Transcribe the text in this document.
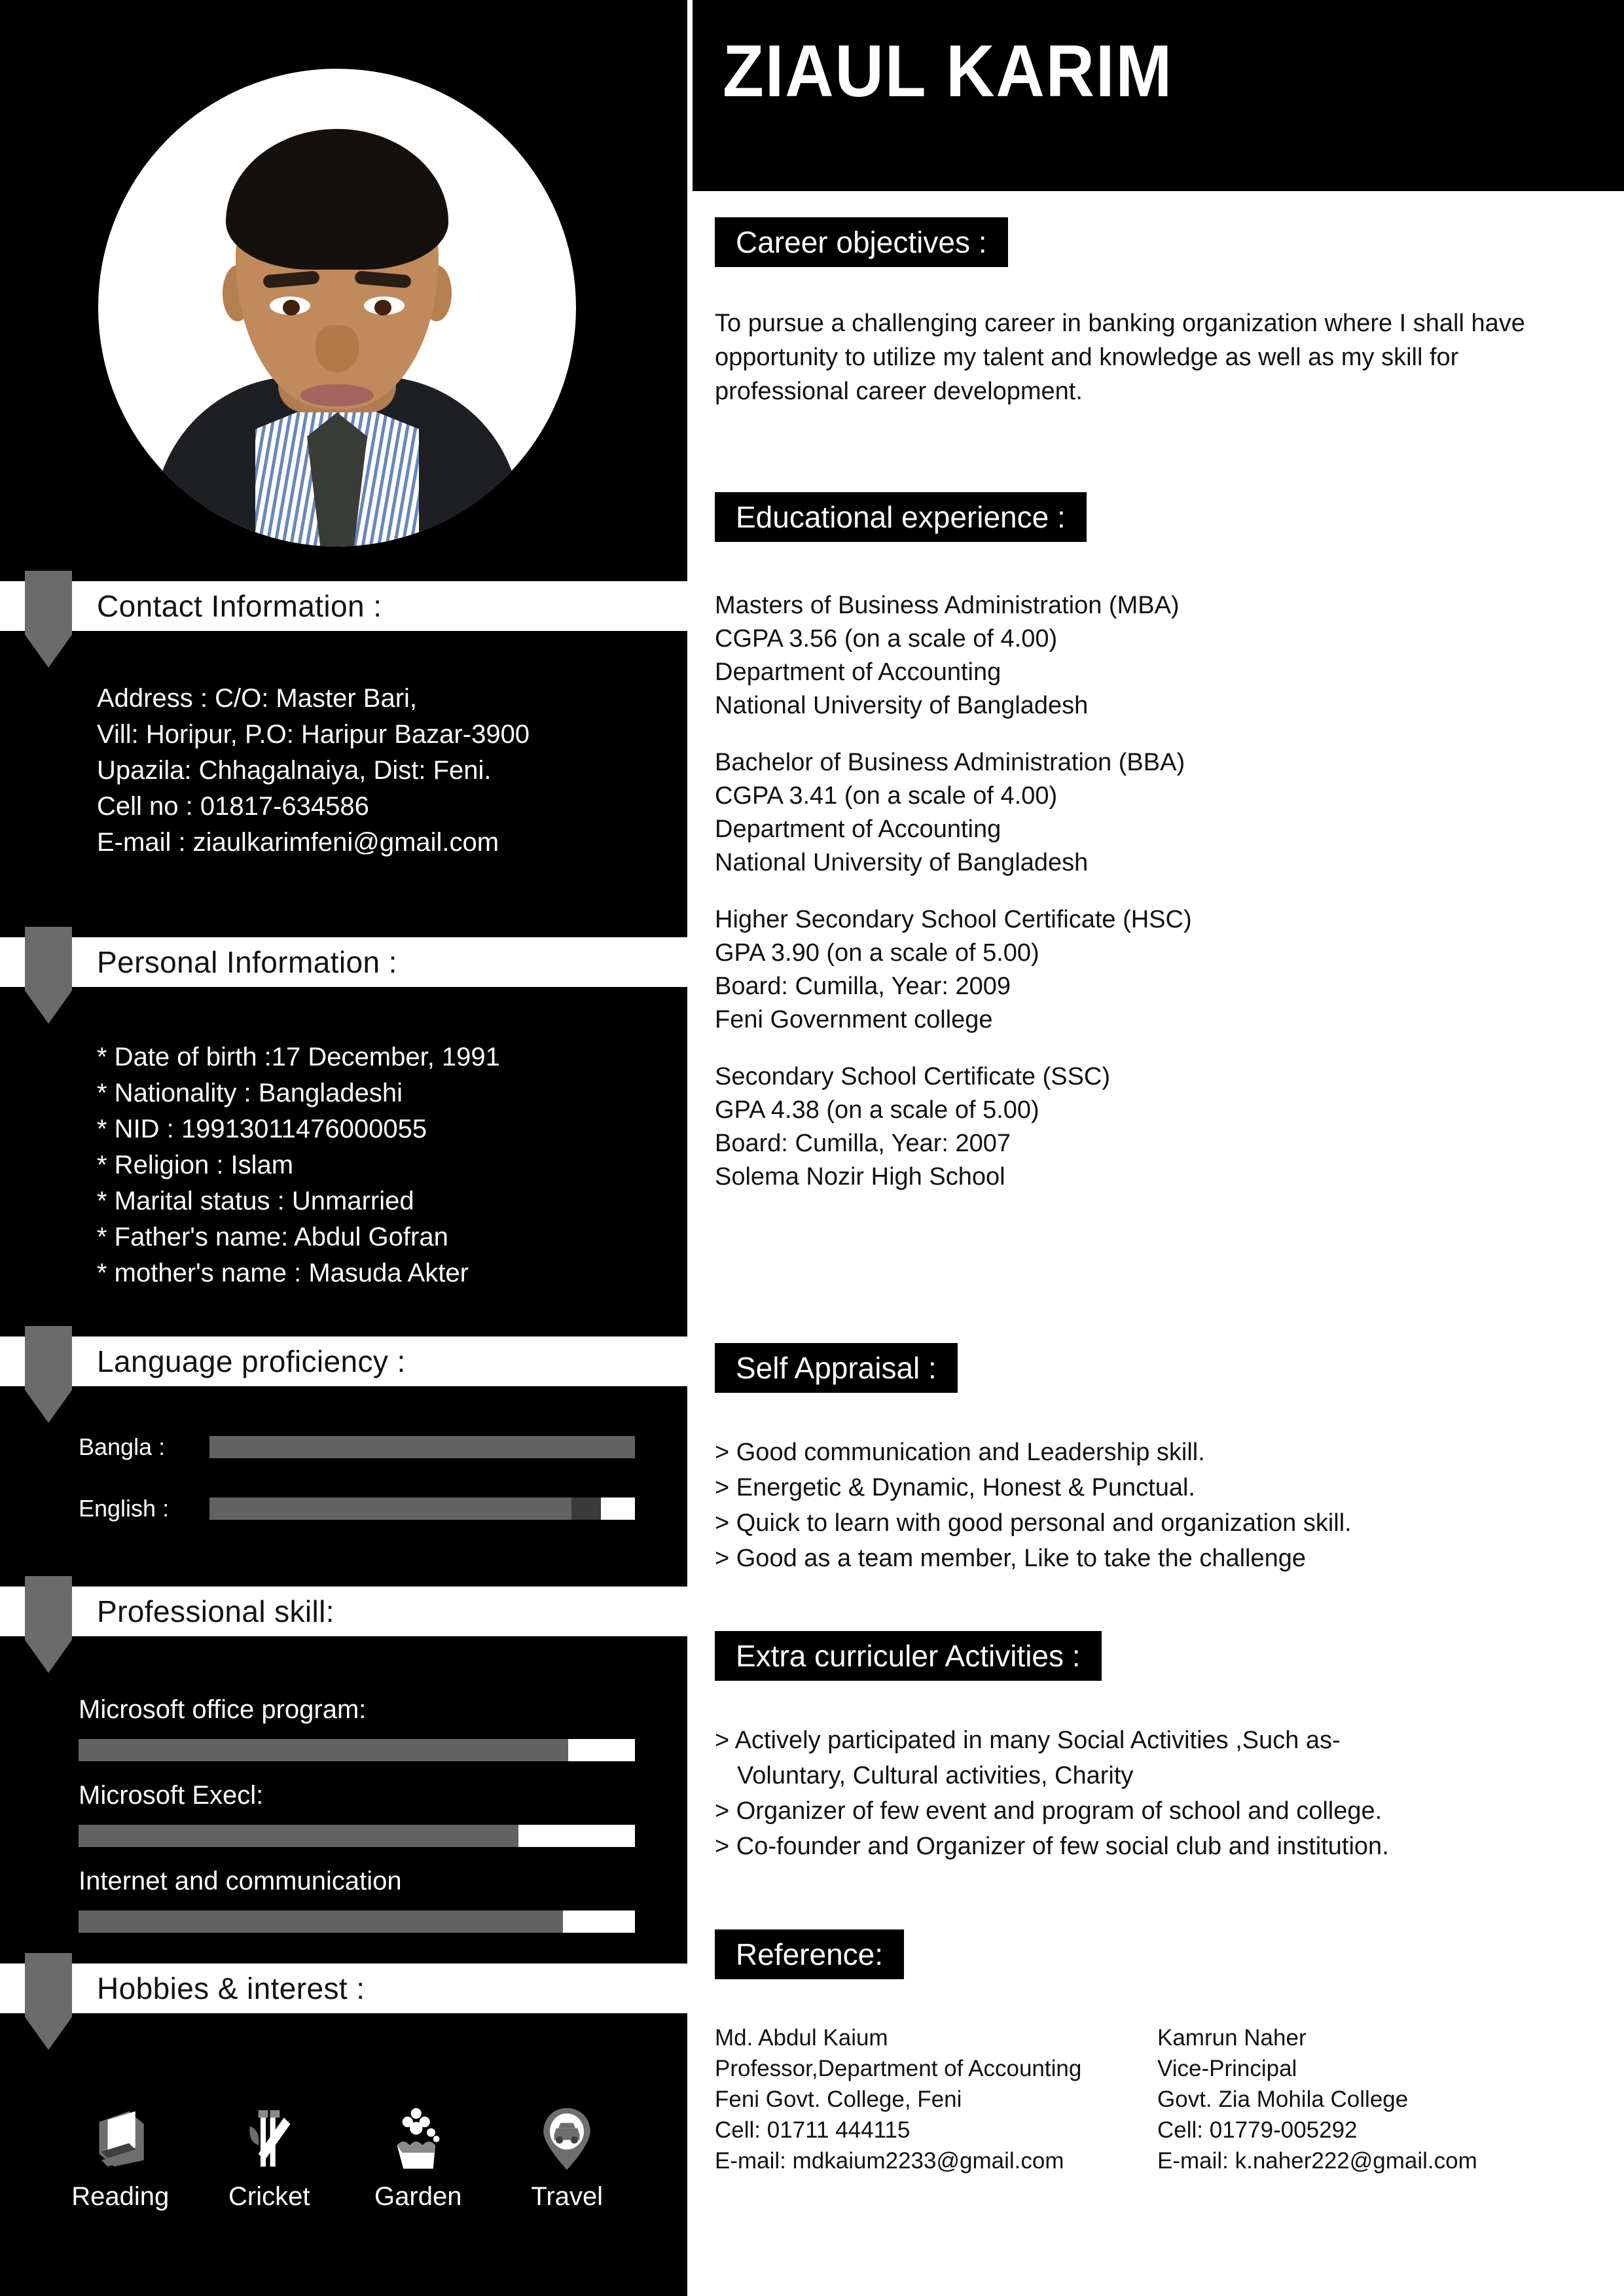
Contact Information :
Address : C/O: Master Bari,
Vill: Horipur, P.O: Haripur Bazar-3900
Upazila: Chhagalnaiya, Dist: Feni.
Cell no : 01817-634586
E-mail : ziaulkarimfeni@gmail.com
Personal Information :
* Date of birth :17 December, 1991
* Nationality : Bangladeshi
* NID : 19913011476000055
* Religion : Islam
* Marital status : Unmarried
* Father's name: Abdul Gofran
* mother's name : Masuda Akter
Language proficiency :
Bangla :
English :
Professional skill:
Microsoft office program:
Microsoft Execl:
Internet and communication
Hobbies & interest :
Reading Cricket Garden	Travel
ZIAUL KARIM
Career objectives :
To pursue a challenging career in banking organization where I shall have opportunity to utilize my talent and knowledge as well as my skill for professional career development.
Educational experience :
Masters of Business Administration (MBA)
CGPA 3.56 (on a scale of 4.00)
Department of Accounting
National University of Bangladesh
Bachelor of Business Administration (BBA)
CGPA 3.41 (on a scale of 4.00)
Department of Accounting
National University of Bangladesh
Higher Secondary School Certificate (HSC)
GPA 3.90 (on a scale of 5.00)
Board: Cumilla, Year: 2009
Feni Government college
Secondary School Certificate (SSC)
GPA 4.38 (on a scale of 5.00)
Board: Cumilla, Year: 2007
Solema Nozir High School
Self Appraisal :
> Good communication and Leadership skill.
> Energetic & Dynamic, Honest & Punctual.
> Quick to learn with good personal and organization skill.
> Good as a team member, Like to take the challenge
Extra curriculer Activities :
> Actively participated in many Social Activities ,Such as-
Voluntary, Cultural activities, Charity
> Organizer of few event and program of school and college.
> Co-founder and Organizer of few social club and institution.
Reference:
Md. Abdul Kaium
Professor,Department of Accounting
Feni Govt. College, Feni
Cell: 01711 444115
E-mail: mdkaium2233@gmail.com
Kamrun Naher
Vice-Principal
Govt. Zia Mohila College
Cell: 01779-005292
E-mail: k.naher222@gmail.com
